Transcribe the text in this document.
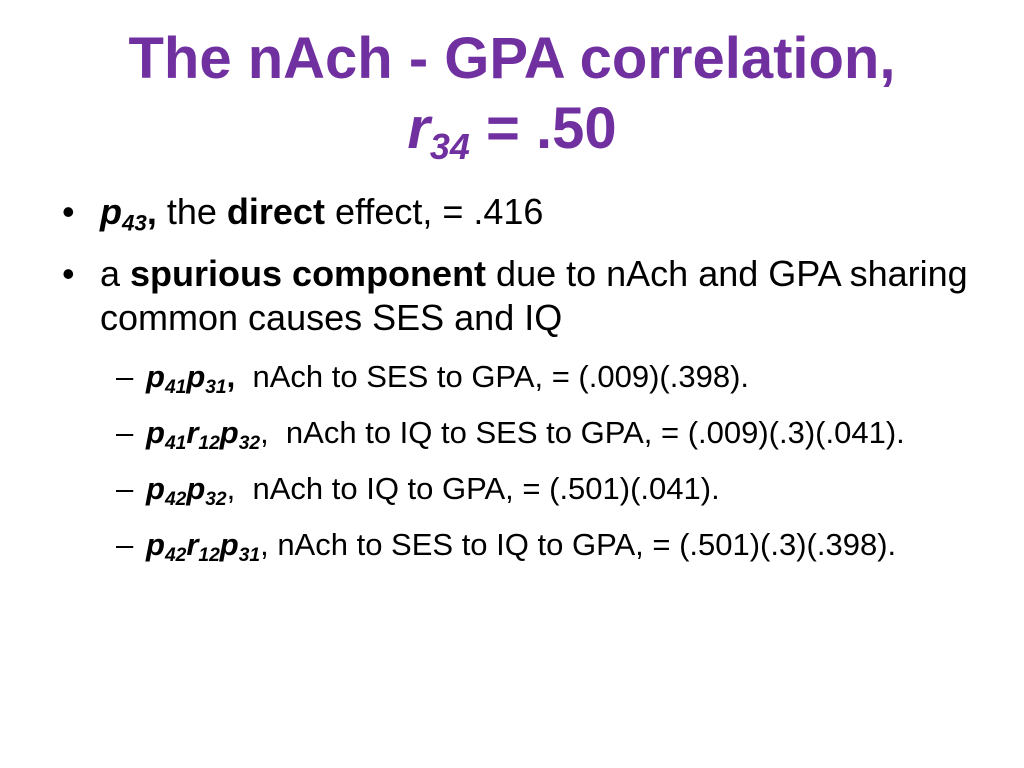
The nAch - GPA correlation,
$r_{34} = .50$
• $p_{43}$, the direct effect, = .416
• a spurious component due to nAch and GPA sharing common causes SES and IQ
– $p_{41}p_{31}$,  nAch to SES to GPA, = (.009)(.398).
– $p_{41}r_{12}p_{32}$,  nAch to IQ to SES to GPA, = (.009)(.3)(.041).
– $p_{42}p_{32}$,  nAch to IQ to GPA, = (.501)(.041).
– $p_{42}r_{12}p_{31}$, nAch to SES to IQ to GPA, = (.501)(.3)(.398).
